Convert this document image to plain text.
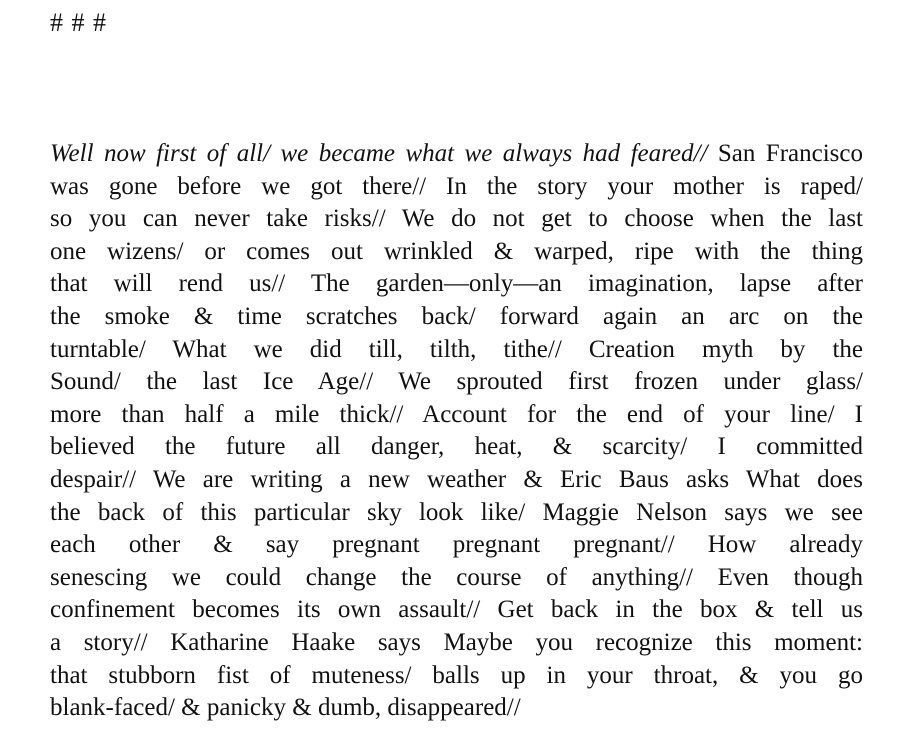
# # #
Well now first of all/ we became what we always had feared// San Francisco
was gone before we got there// In the story your mother is raped/
so you can never take risks// We do not get to choose when the last
one wizens/ or comes out wrinkled & warped, ripe with the thing
that will rend us// The garden—only—an imagination, lapse after
the smoke & time scratches back/ forward again an arc on the
turntable/ What we did till, tilth, tithe// Creation myth by the
Sound/ the last Ice Age// We sprouted first frozen under glass/
more than half a mile thick// Account for the end of your line/ I
believed the future all danger, heat, & scarcity/ I committed
despair// We are writing a new weather & Eric Baus asks What does
the back of this particular sky look like/ Maggie Nelson says we see
each other & say pregnant pregnant pregnant// How already
senescing we could change the course of anything// Even though
confinement becomes its own assault// Get back in the box & tell us
a story// Katharine Haake says Maybe you recognize this moment:
that stubborn fist of muteness/ balls up in your throat, & you go
blank-faced/ & panicky & dumb, disappeared//
